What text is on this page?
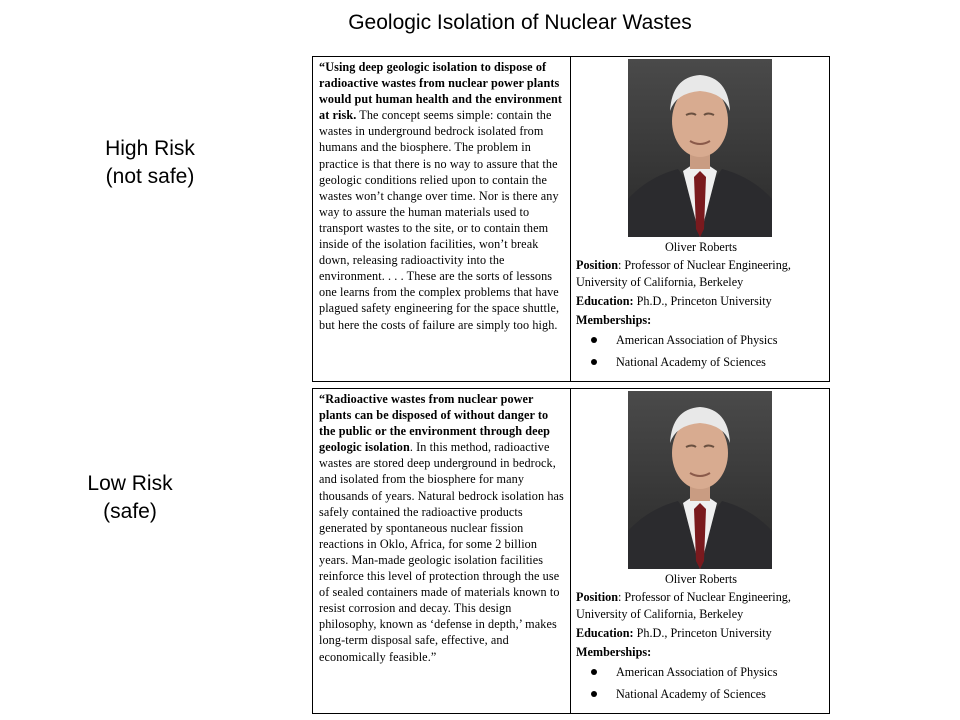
Geologic Isolation of Nuclear Wastes
High Risk
(not safe)
Low Risk
(safe)
“Using deep geologic isolation to dispose of radioactive wastes from nuclear power plants would put human health and the environment at risk. The concept seems simple: contain the wastes in underground bedrock isolated from humans and the biosphere. The problem in practice is that there is no way to assure that the geologic conditions relied upon to contain the wastes won’t change over time. Nor is there any way to assure the human materials used to transport wastes to the site, or to contain them inside of the isolation facilities, won’t break down, releasing radioactivity into the environment. . . . These are the sorts of lessons one learns from the complex problems that have plagued safety engineering for the space shuttle, but here the costs of failure are simply too high.
Oliver Roberts
Position: Professor of Nuclear Engineering, University of California, Berkeley
Education: Ph.D., Princeton University
Memberships:
American Association of Physics
National Academy of Sciences
“Radioactive wastes from nuclear power plants can be disposed of without danger to the public or the environment through deep geologic isolation. In this method, radioactive wastes are stored deep underground in bedrock, and isolated from the biosphere for many thousands of years. Natural bedrock isolation has safely contained the radioactive products generated by spontaneous nuclear fission reactions in Oklo, Africa, for some 2 billion years. Man-made geologic isolation facilities reinforce this level of protection through the use of sealed containers made of materials known to resist corrosion and decay. This design philosophy, known as ‘defense in depth,’ makes long-term disposal safe, effective, and economically feasible.”
Oliver Roberts
Position: Professor of Nuclear Engineering, University of California, Berkeley
Education: Ph.D., Princeton University
Memberships:
American Association of Physics
National Academy of Sciences
